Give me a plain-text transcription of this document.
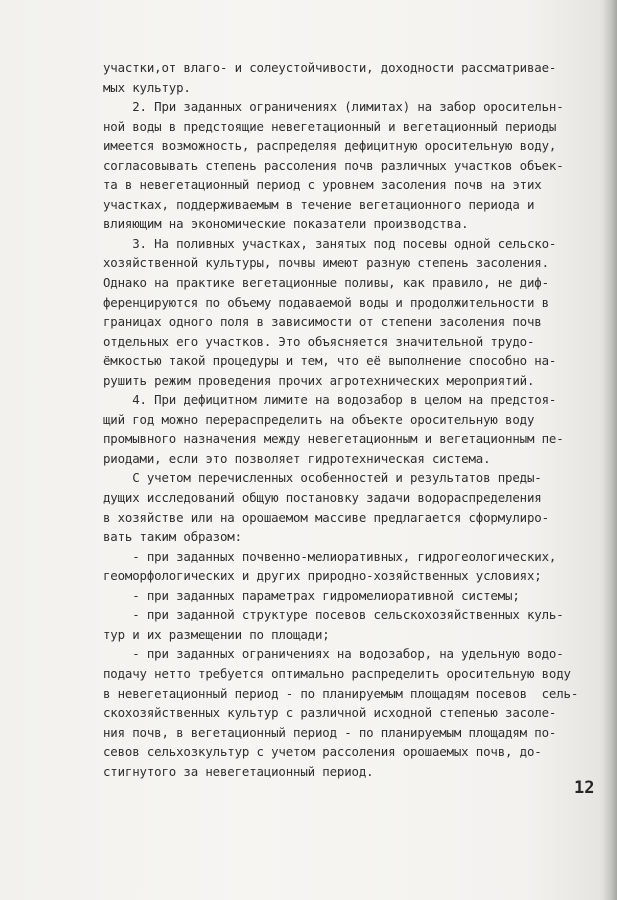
участки,от влаго- и солеустойчивости, доходности рассматривае-
мых культур.
2. При заданных ограничениях (лимитах) на забор оросительн-
ной воды в предстоящие невегетационный и вегетационный периоды
имеется возможность, распределяя дефицитную оросительную воду,
согласовывать степень рассоления почв различных участков объек-
та в невегетационный период с уровнем засоления почв на этих
участках, поддерживаемым в течение вегетационного периода и
влияющим на экономические показатели производства.
3. На поливных участках, занятых под посевы одной сельско-
хозяйственной культуры, почвы имеют разную степень засоления.
Однако на практике вегетационные поливы, как правило, не диф-
ференцируются по объему подаваемой воды и продолжительности в
границах одного поля в зависимости от степени засоления почв
отдельных его участков. Это объясняется значительной трудо-
ёмкостью такой процедуры и тем, что её выполнение способно на-
рушить режим проведения прочих агротехнических мероприятий.
4. При дефицитном лимите на водозабор в целом на предстоя-
щий год можно перераспределить на объекте оросительную воду
промывного назначения между невегетационным и вегетационным пе-
риодами, если это позволяет гидротехническая система.
С учетом перечисленных особенностей и результатов преды-
дущих исследований общую постановку задачи водораспределения
в хозяйстве или на орошаемом массиве предлагается сформулиро-
вать таким образом:
- при заданных почвенно-мелиоративных, гидрогеологических,
геоморфологических и других природно-хозяйственных условиях;
- при заданных параметрах гидромелиоративной системы;
- при заданной структуре посевов сельскохозяйственных куль-
тур и их размещении по площади;
- при заданных ограничениях на водозабор, на удельную водо-
подачу нетто требуется оптимально распределить оросительную воду
в невегетационный период - по планируемым площадям посевов  сель-
скохозяйственных культур с различной исходной степенью засоле-
ния почв, в вегетационный период - по планируемым площадям по-
севов сельхозкультур с учетом рассоления орошаемых почв, до-
стигнутого за невегетационный период.
12
